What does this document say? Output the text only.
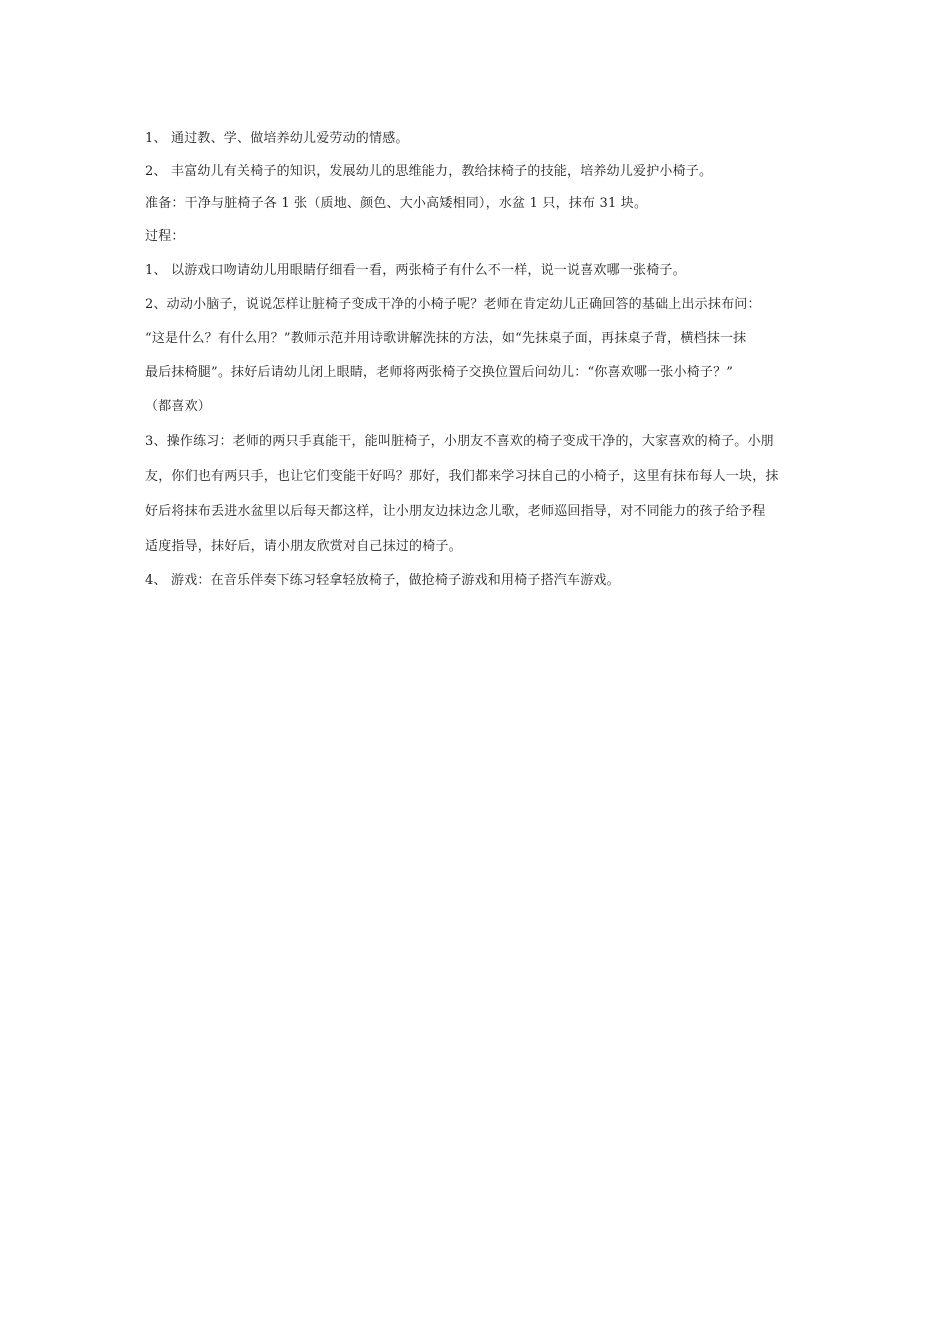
1、 通过教、学、做培养幼儿爱劳动的情感。
2、 丰富幼儿有关椅子的知识，发展幼儿的思维能力，教给抹椅子的技能，培养幼儿爱护小椅子。
准备：干净与脏椅子各 1 张（质地、颜色、大小高矮相同），水盆 1 只，抹布 31 块。
过程：
1、 以游戏口吻请幼儿用眼睛仔细看一看，两张椅子有什么不一样，说一说喜欢哪一张椅子。
2、动动小脑子，说说怎样让脏椅子变成干净的小椅子呢？老师在肯定幼儿正确回答的基础上出示抹布问：
“这是什么？有什么用？”教师示范并用诗歌讲解洗抹的方法，如“先抹桌子面，再抹桌子背，横档抹一抹
最后抹椅腿”。抹好后请幼儿闭上眼睛，老师将两张椅子交换位置后问幼儿：“你喜欢哪一张小椅子？”
（都喜欢）
3、操作练习：老师的两只手真能干，能叫脏椅子，小朋友不喜欢的椅子变成干净的，大家喜欢的椅子。小朋
友，你们也有两只手，也让它们变能干好吗？那好，我们都来学习抹自己的小椅子，这里有抹布每人一块，抹
好后将抹布丢进水盆里以后每天都这样，让小朋友边抹边念儿歌，老师巡回指导，对不同能力的孩子给予程
适度指导，抹好后，请小朋友欣赏对自己抹过的椅子。
4、 游戏：在音乐伴奏下练习轻拿轻放椅子，做抢椅子游戏和用椅子搭汽车游戏。
